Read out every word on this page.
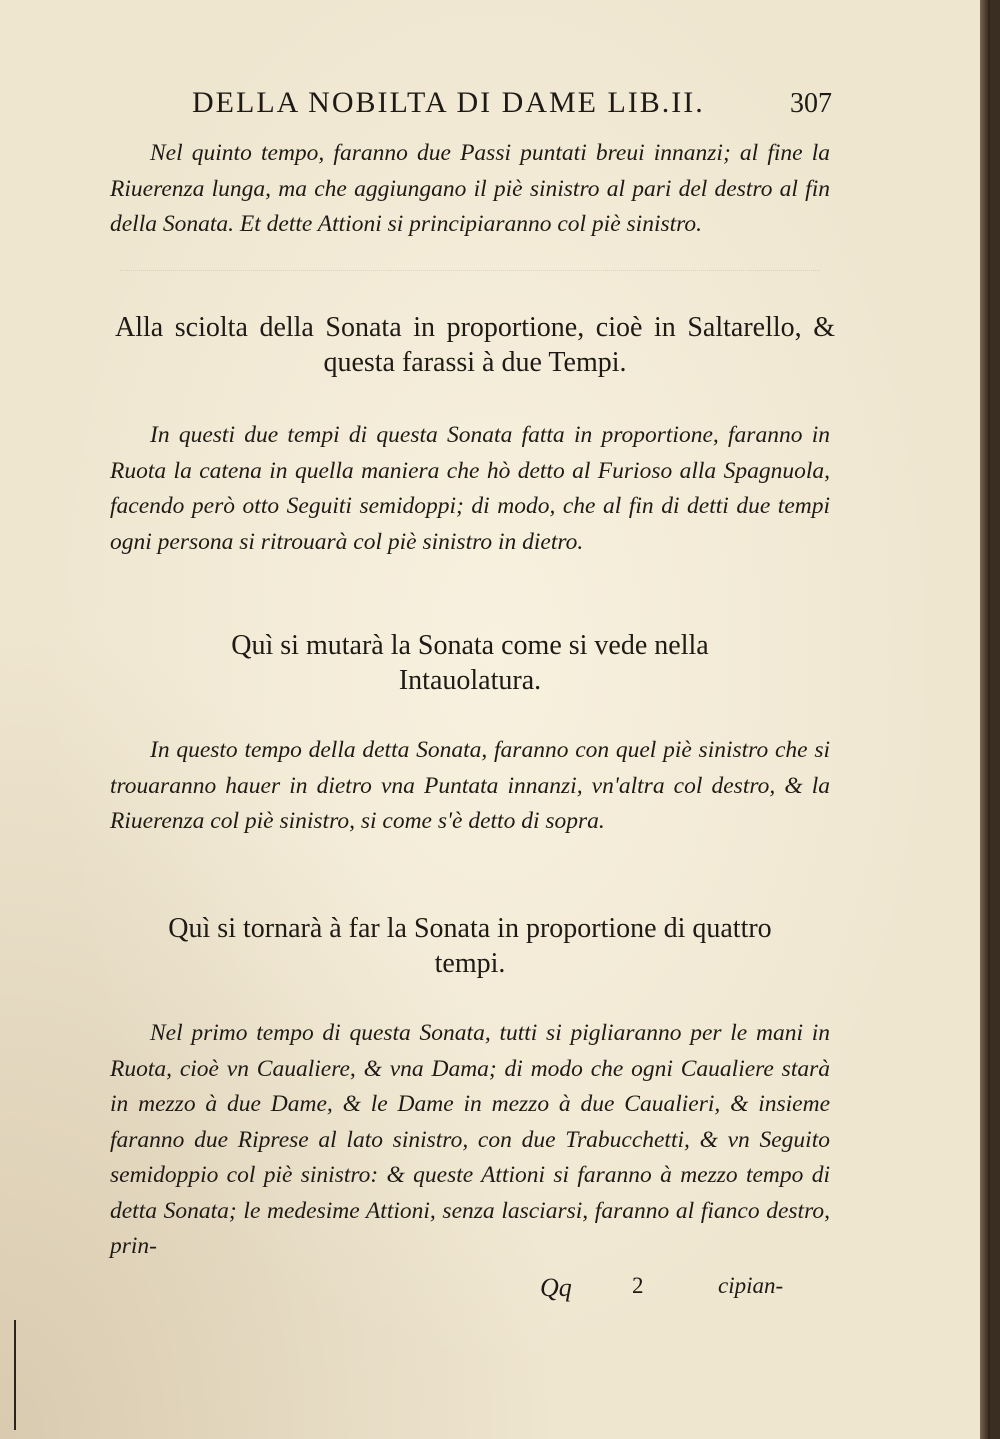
DELLA NOBILTA DI DAME LIB.II.	307

Nel quinto tempo, faranno due Passi puntati breui innanzi; al fine la Riuerenza lunga, ma che aggiungano il piè sinistro al pari del destro al fin della Sonata. Et dette Attioni si principiaranno col piè sinistro.

Alla sciolta della Sonata in proportione, cioè in Saltarello, & questa farassi à due Tempi.

In questi due tempi di questa Sonata fatta in proportione, faranno in Ruota la catena in quella maniera che hò detto al Furioso alla Spagnuola, facendo però otto Seguiti semidoppi; di modo, che al fin di detti due tempi ogni persona si ritrouarà col piè sinistro in dietro.

Quì si mutarà la Sonata come si vede nella Intauolatura.

In questo tempo della detta Sonata, faranno con quel piè sinistro che si trouaranno hauer in dietro vna Puntata innanzi, vn'altra col destro, & la Riuerenza col piè sinistro, si come s'è detto di sopra.

Quì si tornarà à far la Sonata in proportione di quattro tempi.

Nel primo tempo di questa Sonata, tutti si pigliaranno per le mani in Ruota, cioè vn Caualiere, & vna Dama; di modo che ogni Caualiere starà in mezzo à due Dame, & le Dame in mezzo à due Caualieri, & insieme faranno due Riprese al lato sinistro, con due Trabucchetti, & vn Seguito semidoppio col piè sinistro: & queste Attioni si faranno à mezzo tempo di detta Sonata; le medesime Attioni, senza lasciarsi, faranno al fianco destro, prin-

Qq	2	cipian-
